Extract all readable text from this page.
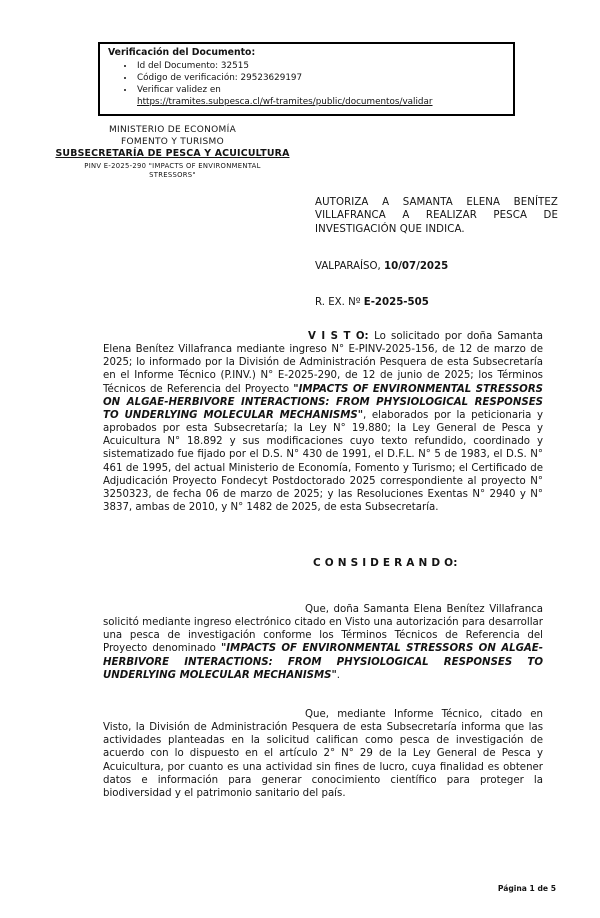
Verificación del Documento:
• Id del Documento: 32515
• Código de verificación: 29523629197
• Verificar validez en
https://tramites.subpesca.cl/wf-tramites/public/documentos/validar
MINISTERIO DE ECONOMÍA
FOMENTO Y TURISMO
SUBSECRETARÍA DE PESCA Y ACUICULTURA
PINV E-2025-290 "IMPACTS OF ENVIRONMENTAL STRESSORS"
AUTORIZA A SAMANTA ELENA BENÍTEZ VILLAFRANCA A REALIZAR PESCA DE INVESTIGACIÓN QUE INDICA.
VALPARAÍSO, 10/07/2025
R. EX. Nº E-2025-505
V I S T O: Lo solicitado por doña Samanta Elena Benítez Villafranca mediante ingreso N° E-PINV-2025-156, de 12 de marzo de 2025; lo informado por la División de Administración Pesquera de esta Subsecretaría en el Informe Técnico (P.INV.) N° E-2025-290, de 12 de junio de 2025; los Términos Técnicos de Referencia del Proyecto "IMPACTS OF ENVIRONMENTAL STRESSORS ON ALGAE-HERBIVORE INTERACTIONS: FROM PHYSIOLOGICAL RESPONSES TO UNDERLYING MOLECULAR MECHANISMS", elaborados por la peticionaria y aprobados por esta Subsecretaría; la Ley N° 19.880; la Ley General de Pesca y Acuicultura N° 18.892 y sus modificaciones cuyo texto refundido, coordinado y sistematizado fue fijado por el D.S. N° 430 de 1991, el D.F.L. N° 5 de 1983, el D.S. N° 461 de 1995, del actual Ministerio de Economía, Fomento y Turismo; el Certificado de Adjudicación Proyecto Fondecyt Postdoctorado 2025 correspondiente al proyecto N° 3250323, de fecha 06 de marzo de 2025; y las Resoluciones Exentas N° 2940 y N° 3837, ambas de 2010, y N° 1482 de 2025, de esta Subsecretaría.
C O N S I D E R A N D O:
Que, doña Samanta Elena Benítez Villafranca solicitó mediante ingreso electrónico citado en Visto una autorización para desarrollar una pesca de investigación conforme los Términos Técnicos de Referencia del Proyecto denominado "IMPACTS OF ENVIRONMENTAL STRESSORS ON ALGAE-HERBIVORE INTERACTIONS: FROM PHYSIOLOGICAL RESPONSES TO UNDERLYING MOLECULAR MECHANISMS".
Que, mediante Informe Técnico, citado en Visto, la División de Administración Pesquera de esta Subsecretaría informa que las actividades planteadas en la solicitud califican como pesca de investigación de acuerdo con lo dispuesto en el artículo 2° N° 29 de la Ley General de Pesca y Acuicultura, por cuanto es una actividad sin fines de lucro, cuya finalidad es obtener datos e información para generar conocimiento científico para proteger la biodiversidad y el patrimonio sanitario del país.
Página 1 de 5
